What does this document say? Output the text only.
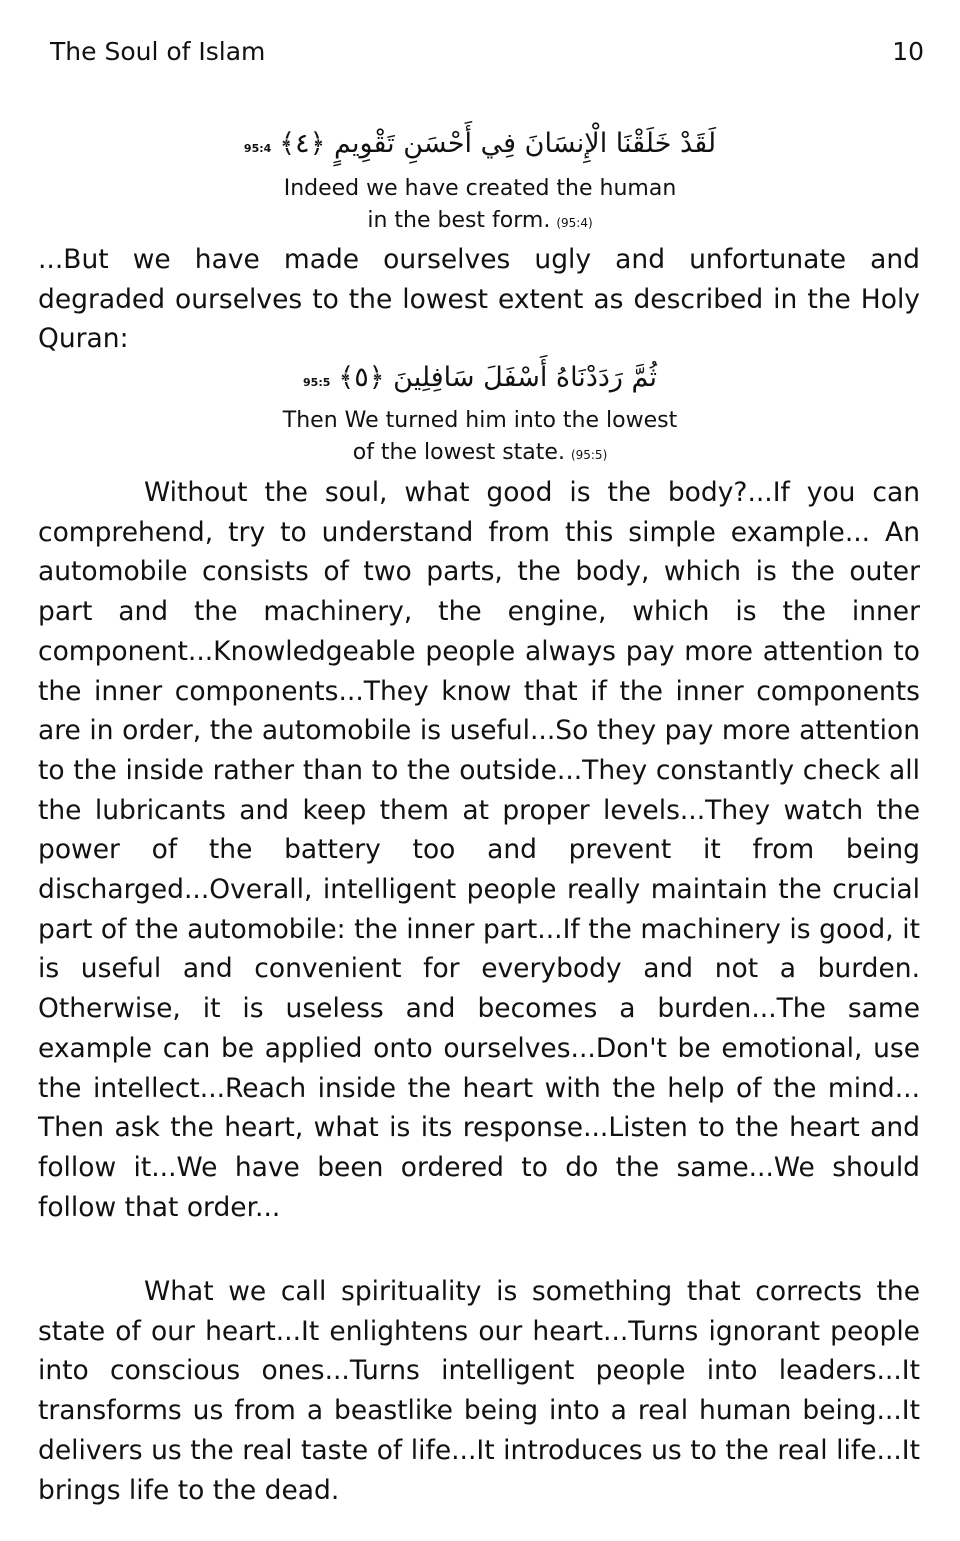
The Soul of Islam	10
95:4 لَقَدْ خَلَقْنَا الْإِنسَانَ فِي أَحْسَنِ تَقْوِيمٍ ﴿٤﴾
Indeed we have created the human
in the best form. (95:4)

...But we have made ourselves ugly and unfortunate and degraded ourselves to the lowest extent as described in the Holy Quran:

95:5 ثُمَّ رَدَدْنَاهُ أَسْفَلَ سَافِلِينَ ﴿٥﴾
Then We turned him into the lowest
of the lowest state. (95:5)

Without the soul, what good is the body?...If you can comprehend, try to understand from this simple example... An automobile consists of two parts, the body, which is the outer part and the machinery, the engine, which is the inner component...Knowledgeable people always pay more attention to the inner components...They know that if the inner components are in order, the automobile is useful...So they pay more attention to the inside rather than to the outside...They constantly check all the lubricants and keep them at proper levels...They watch the power of the battery too and prevent it from being discharged...Overall, intelligent people really maintain the crucial part of the automobile: the inner part...If the machinery is good, it is useful and convenient for everybody and not a burden. Otherwise, it is useless and becomes a burden...The same example can be applied onto ourselves...Don't be emotional, use the intellect...Reach inside the heart with the help of the mind... Then ask the heart, what is its response...Listen to the heart and follow it...We have been ordered to do the same...We should follow that order...

What we call spirituality is something that corrects the state of our heart...It enlightens our heart...Turns ignorant people into conscious ones...Turns intelligent people into leaders...It transforms us from a beastlike being into a real human being...It delivers us the real taste of life...It introduces us to the real life...It brings life to the dead.
